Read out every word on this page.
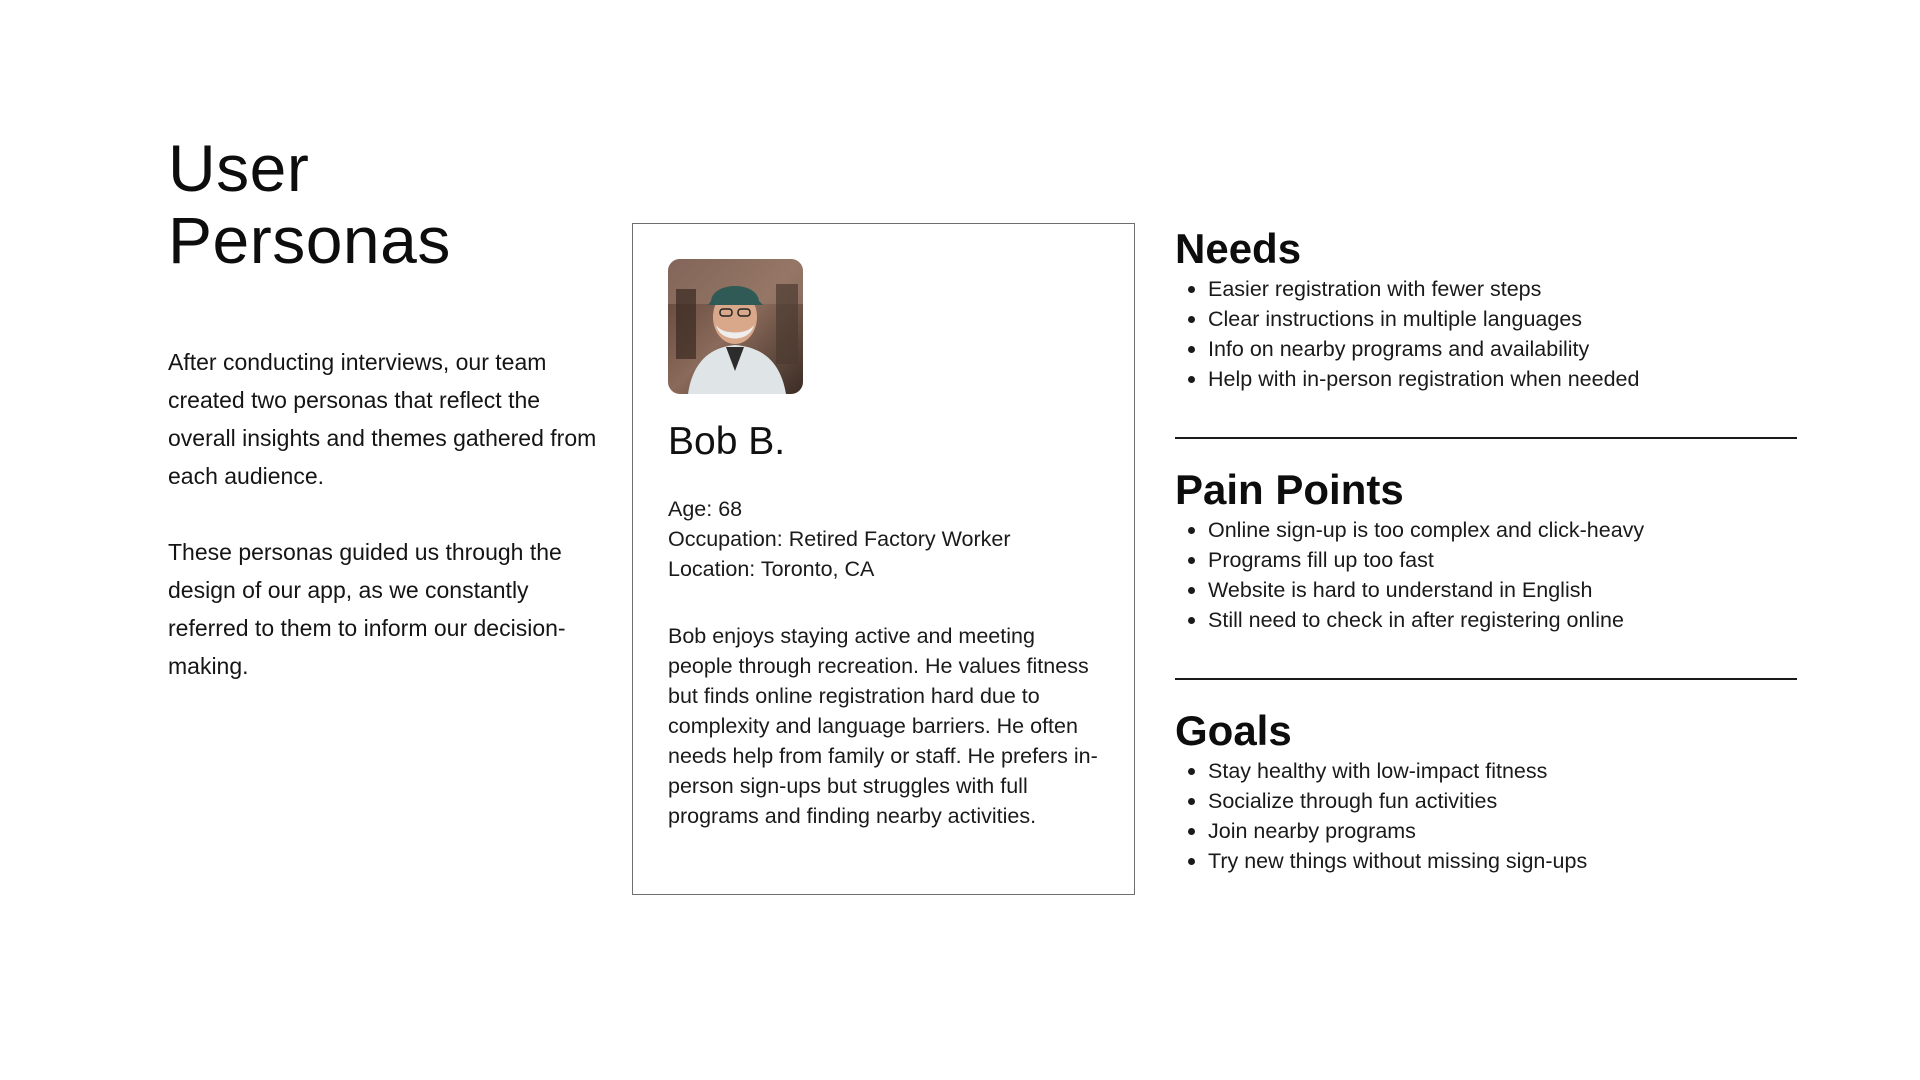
User
Personas

After conducting interviews, our team created two personas that reflect the overall insights and themes gathered from each audience.

These personas guided us through the design of our app, as we constantly referred to them to inform our decision-making.

Bob B.
Age: 68
Occupation: Retired Factory Worker
Location: Toronto, CA

Bob enjoys staying active and meeting people through recreation. He values fitness but finds online registration hard due to complexity and language barriers. He often needs help from family or staff. He prefers in-person sign-ups but struggles with full programs and finding nearby activities.

Needs
Easier registration with fewer steps
Clear instructions in multiple languages
Info on nearby programs and availability
Help with in-person registration when needed
Pain Points
Online sign-up is too complex and click-heavy
Programs fill up too fast
Website is hard to understand in English
Still need to check in after registering online
Goals
Stay healthy with low-impact fitness
Socialize through fun activities
Join nearby programs
Try new things without missing sign-ups
